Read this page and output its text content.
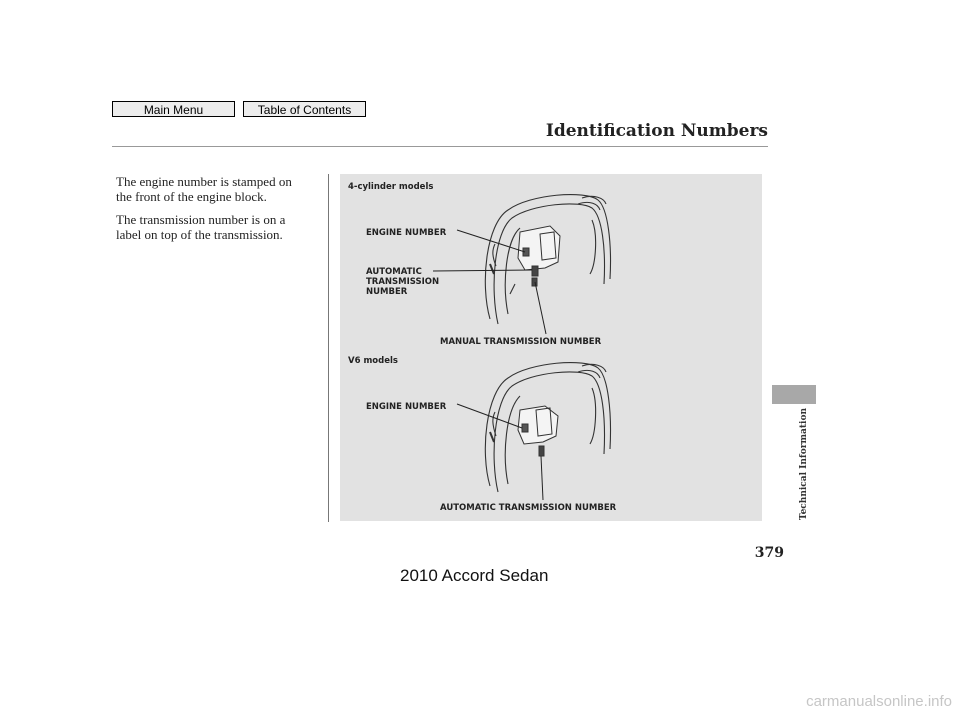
Main Menu	Table of Contents
Identification Numbers
The engine number is stamped on
the front of the engine block.
The transmission number is on a
label on top of the transmission.
4-cylinder models
ENGINE NUMBER
AUTOMATIC
TRANSMISSION
NUMBER
MANUAL TRANSMISSION NUMBER
V6 models
ENGINE NUMBER
AUTOMATIC TRANSMISSION NUMBER	Technical Information
379
2010 Accord Sedan
carmanualsonline.info
